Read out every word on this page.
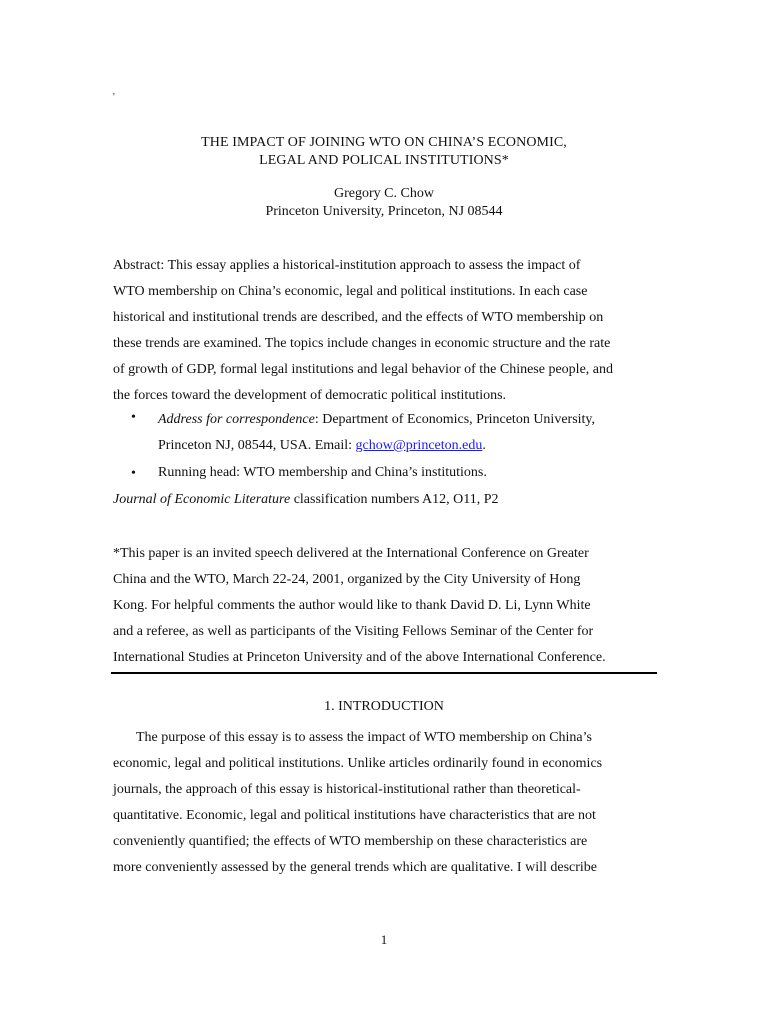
'
THE IMPACT OF JOINING WTO ON CHINA’S ECONOMIC,
LEGAL AND POLICAL INSTITUTIONS*
Gregory C. Chow
Princeton University, Princeton, NJ 08544
Abstract: This essay applies a historical-institution approach to assess the impact of
WTO membership on China’s economic, legal and political institutions. In each case
historical and institutional trends are described, and the effects of WTO membership on
these trends are examined. The topics include changes in economic structure and the rate
of growth of GDP, formal legal institutions and legal behavior of the Chinese people, and
the forces toward the development of democratic political institutions.
• Address for correspondence: Department of Economics, Princeton University,
Princeton NJ, 08544, USA. Email: gchow@princeton.edu.
• Running head: WTO membership and China’s institutions.
Journal of Economic Literature classification numbers A12, O11, P2
*This paper is an invited speech delivered at the International Conference on Greater
China and the WTO, March 22-24, 2001, organized by the City University of Hong
Kong. For helpful comments the author would like to thank David D. Li, Lynn White
and a referee, as well as participants of the Visiting Fellows Seminar of the Center for
International Studies at Princeton University and of the above International Conference.
1. INTRODUCTION
The purpose of this essay is to assess the impact of WTO membership on China’s
economic, legal and political institutions. Unlike articles ordinarily found in economics
journals, the approach of this essay is historical-institutional rather than theoretical-
quantitative. Economic, legal and political institutions have characteristics that are not
conveniently quantified; the effects of WTO membership on these characteristics are
more conveniently assessed by the general trends which are qualitative. I will describe
1
